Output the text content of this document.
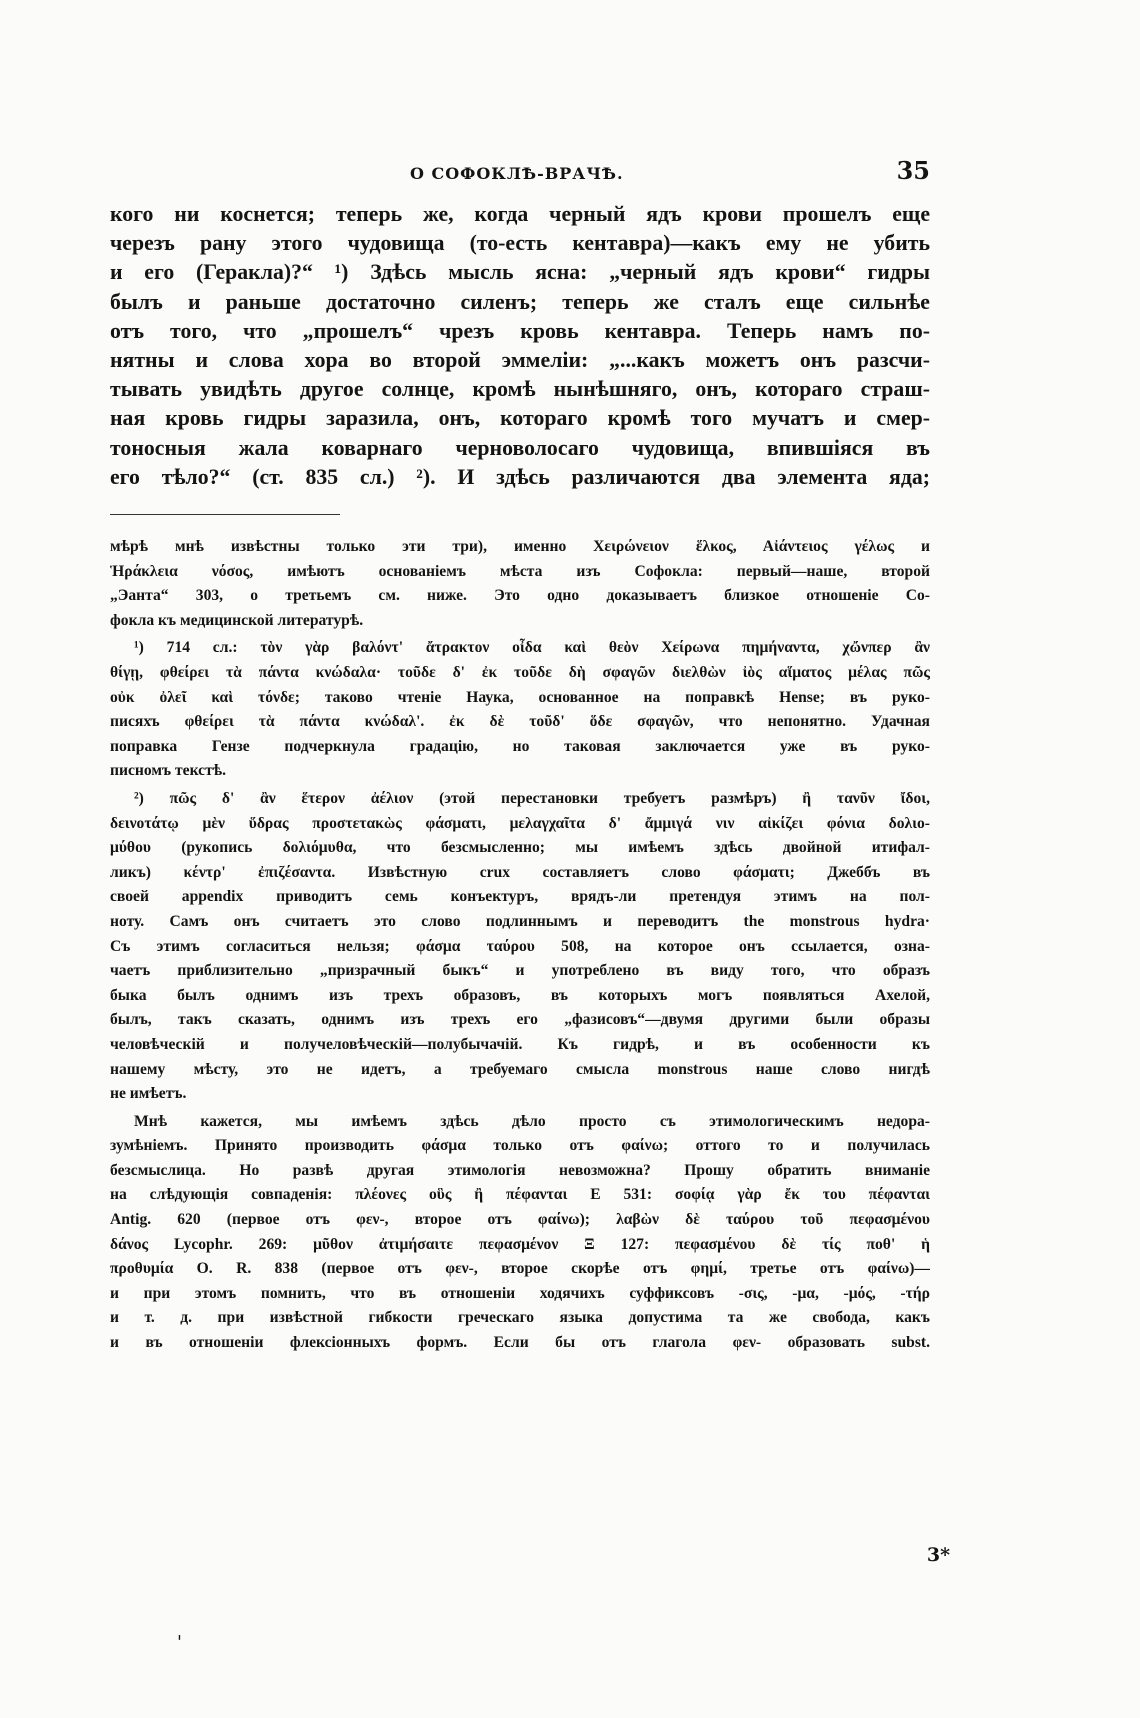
О СОФОКЛѢ-ВРАЧѢ.	35
кого ни коснется; теперь же, когда черный ядъ крови прошелъ еще
черезъ рану этого чудовища (то-есть кентавра)—какъ ему не убить
и его (Геракла)?“ ¹) Здѣсь мысль ясна: „черный ядъ крови“ гидры
былъ и раньше достаточно силенъ; теперь же сталъ еще сильнѣе
отъ того, что „прошелъ“ чрезъ кровь кентавра. Теперь намъ по-
нятны и слова хора во второй эммеліи: „...какъ можетъ онъ разсчи-
тывать увидѣть другое солнце, кромѣ нынѣшняго, онъ, котораго страш-
ная кровь гидры заразила, онъ, котораго кромѣ того мучатъ и смер-
тоносныя жала коварнаго черноволосаго чудовища, впившіяся въ
его тѣло?“ (ст. 835 сл.) ²). И здѣсь различаются два элемента яда;
мѣрѣ мнѣ извѣстны только эти три), именно Χειρώνειον ἕλκος, Αἰάντειος γέλως и
Ἡράκλεια νόσος, имѣютъ основаніемъ мѣста изъ Софокла: первый—наше, второй
„Эанта“ 303, о третьемъ см. ниже. Это одно доказываетъ близкое отношеніе Со-
фокла къ медицинской литературѣ.
¹) 714 сл.: τὸν γὰρ βαλόντ' ἄτρακτον οἶδα καὶ θεὸν Χείρωνα πημήναντα, χὤνπερ ἂν
θίγῃ, φθείρει τὰ πάντα κνώδαλα· τοῦδε δ' ἐκ τοῦδε δὴ σφαγῶν διελθὼν ἰὸς αἵματος μέλας πῶς
οὐκ ὀλεῖ καὶ τόνδε; таково чтеніе Наука, основанное на поправкѣ Hense; въ руко-
писяхъ φθείρει τὰ πάντα κνώδαλ'. ἐκ δὲ τοῦδ' ὅδε σφαγῶν, что непонятно. Удачная
поправка Гензе подчеркнула градацію, но таковая заключается уже въ руко-
писномъ текстѣ.
²) πῶς δ' ἂν ἕτερον ἀέλιον (этой перестановки требуетъ размѣръ) ἢ τανῦν ἴδοι,
δεινοτάτῳ μὲν ὕδρας προστετακὼς φάσματι, μελαγχαῖτα δ' ἄμμιγά νιν αἰκίζει φόνια δολιο-
μύθου (рукопись δολιόμυθα, что безсмысленно; мы имѣемъ здѣсь двойной итифал-
ликъ) κέντρ' ἐπιζέσαντα. Извѣстную crux составляетъ слово φάσματι; Джеббъ въ
своей appendix приводитъ семь конъектуръ, врядъ-ли претендуя этимъ на пол-
ноту. Самъ онъ считаетъ это слово подлиннымъ и переводитъ the monstrous hydra·
Съ этимъ согласиться нельзя; φάσμα ταύρου 508, на которое онъ ссылается, озна-
чаетъ приблизительно „призрачный быкъ“ и употреблено въ виду того, что образъ
быка былъ однимъ изъ трехъ образовъ, въ которыхъ могъ появляться Ахелой,
былъ, такъ сказать, однимъ изъ трехъ его „фазисовъ“—двумя другими были образы
человѣческій и получеловѣческій—полубычачій. Къ гидрѣ, и въ особенности къ
нашему мѣсту, это не идетъ, а требуемаго смысла monstrous наше слово нигдѣ
не имѣетъ.
Мнѣ кажется, мы имѣемъ здѣсь дѣло просто съ этимологическимъ недора-
зумѣніемъ. Принято производить φάσμα только отъ φαίνω; оттого то и получилась
безсмыслица. Но развѣ другая этимологія невозможна? Прошу обратить вниманіе
на слѣдующія совпаденія: πλέονες οὓς ἢ πέφανται Ε 531: σοφίᾳ γὰρ ἔκ του πέφανται
Antig. 620 (первое отъ φεν-, второе отъ φαίνω); λαβὼν δὲ ταύρου τοῦ πεφασμένου
δάνος Lycophr. 269: μῦθον ἀτιμήσαιτε πεφασμένον Ξ 127: πεφασμένου δὲ τίς ποθ' ἡ
προθυμία Ο. R. 838 (первое отъ φεν-, второе скорѣе отъ φημί, третье отъ φαίνω)—
и при этомъ помнить, что въ отношеніи ходячихъ суффиксовъ -σις, -μα, -μός, -τήρ
и т. д. при извѣстной гибкости греческаго языка допустима та же свобода, какъ
и въ отношеніи флексіонныхъ формъ. Если бы отъ глагола φεν- образовать subst.
3*
'
